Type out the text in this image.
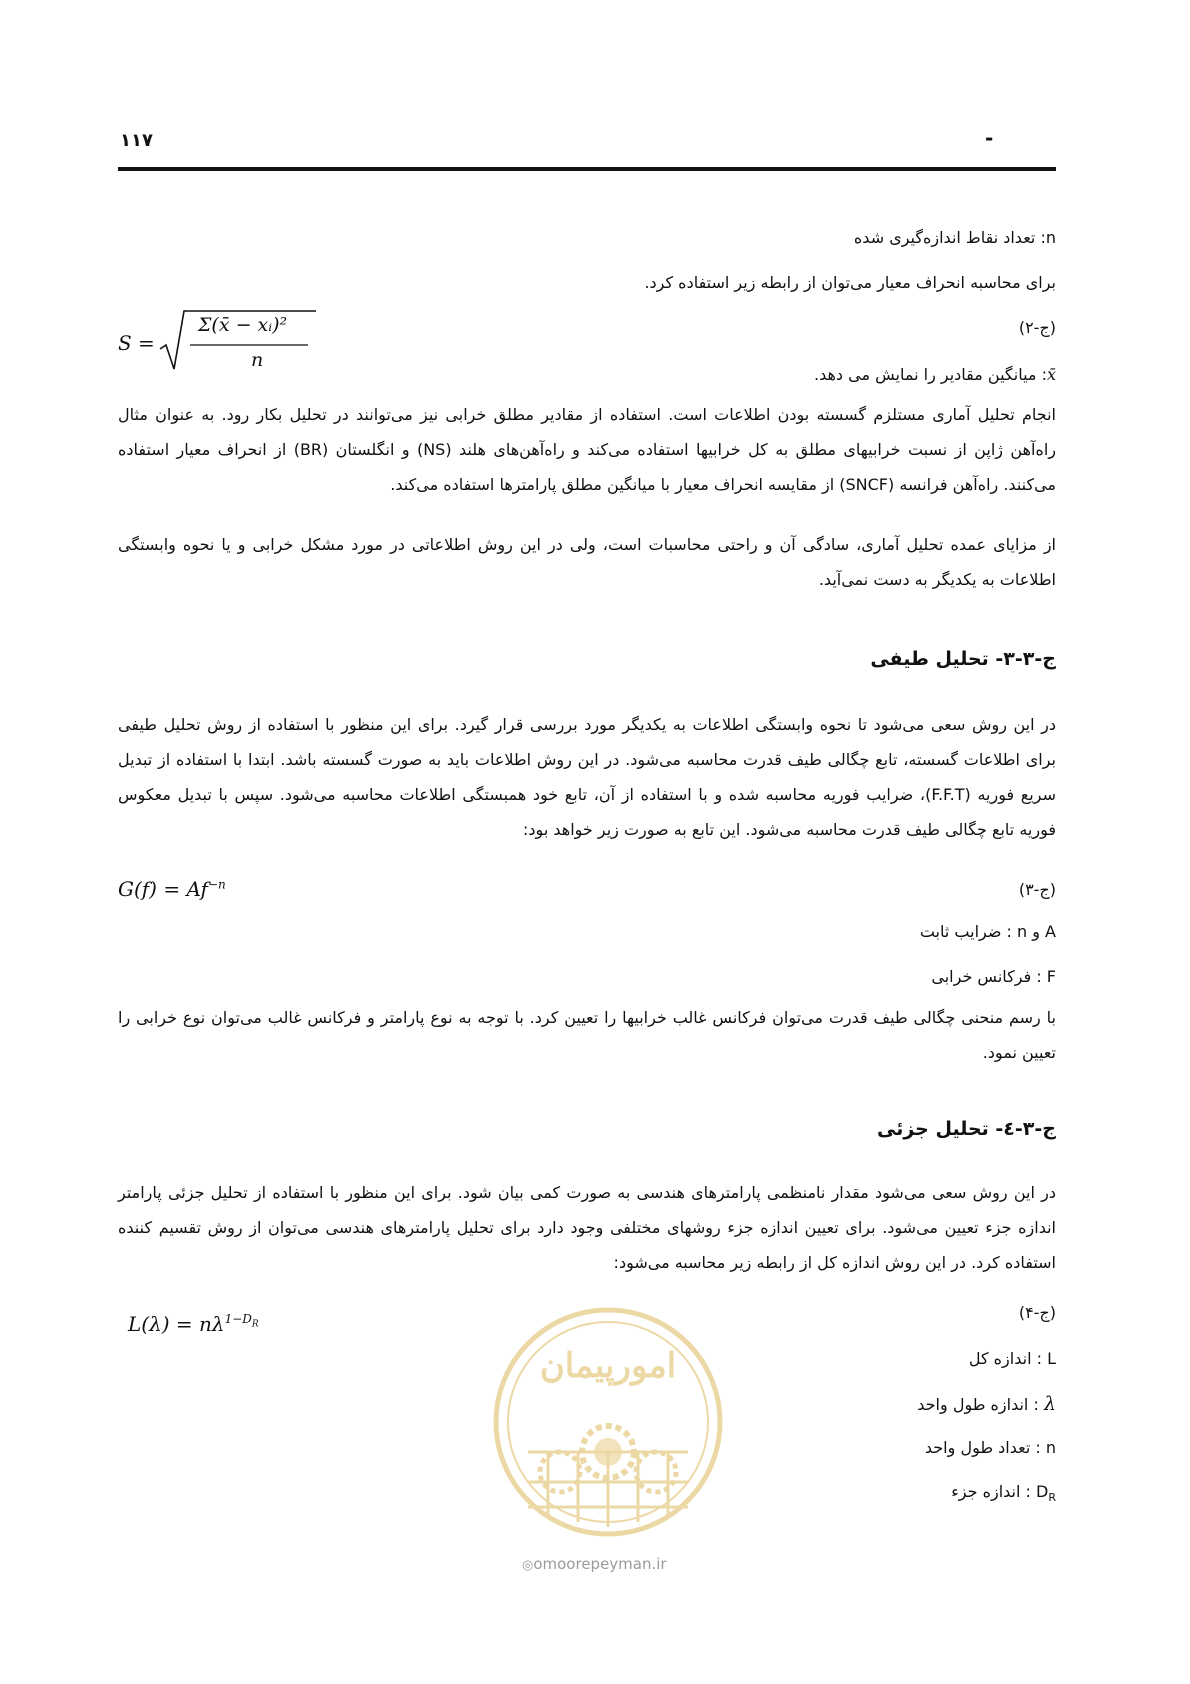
۱۱۷	-
n: تعداد نقاط اندازه‌گیری شده
برای محاسبه انحراف معیار می‌توان از رابطه زیر استفاده کرد.
(ج-۲)
S =
Σ(x̄ − xᵢ)²
n
x̄: میانگین مقادیر را نمایش می دهد.
انجام تحلیل آماری مستلزم گسسته بودن اطلاعات است. استفاده از مقادیر مطلق خرابی نیز می‌توانند در تحلیل بکار رود. به عنوان مثال راه‌آهن ژاپن از نسبت خرابیهای مطلق به کل خرابیها استفاده می‌کند و راه‌آهن‌های هلند (NS) و انگلستان (BR) از انحراف معیار استفاده می‌کنند. راه‌آهن فرانسه (SNCF) از مقایسه انحراف معیار با میانگین مطلق پارامترها استفاده می‌کند.
از مزایای عمده تحلیل آماری، سادگی آن و راحتی محاسبات است، ولی در این روش اطلاعاتی در مورد مشکل خرابی و یا نحوه وابستگی اطلاعات به یکدیگر به دست نمی‌آید.
ج-۳-۳- تحلیل طیفی
در این روش سعی می‌شود تا نحوه وابستگی اطلاعات به یکدیگر مورد بررسی قرار گیرد. برای این منظور با استفاده از روش تحلیل طیفی برای اطلاعات گسسته، تابع چگالی طیف قدرت محاسبه می‌شود. در این روش اطلاعات باید به صورت گسسته باشد. ابتدا با استفاده از تبدیل سریع فوریه (F.F.T)، ضرایب فوریه محاسبه شده و با استفاده از آن، تابع خود همبستگی اطلاعات محاسبه می‌شود. سپس با تبدیل معکوس فوریه تابع چگالی طیف قدرت محاسبه می‌شود. این تابع به صورت زیر خواهد بود:
$G(f) = Af^{-n}$	(ج-۳)
A و n : ضرایب ثابت
F : فرکانس خرابی
با رسم منحنی چگالی طیف قدرت می‌توان فرکانس غالب خرابیها را تعیین کرد. با توجه به نوع پارامتر و فرکانس غالب می‌توان نوع خرابی را تعیین نمود.
ج-۳-٤- تحلیل جزئی
در این روش سعی می‌شود مقدار نامنظمی پارامترهای هندسی به صورت کمی بیان شود. برای این منظور با استفاده از تحلیل جزئی پارامتر اندازه جزء تعیین می‌شود. برای تعیین اندازه جزء روشهای مختلفی وجود دارد برای تحلیل پارامترهای هندسی می‌توان از روش تقسیم کننده استفاده کرد. در این روش اندازه کل از رابطه زیر محاسبه می‌شود:
(ج-۴)
$L(\lambda) = n\lambda^{1-D_R}$
L : اندازه کل
λ : اندازه طول واحد
n : تعداد طول واحد
$D_R$ : اندازه جزء
امورپیمان
◎omoorepeyman.ir
